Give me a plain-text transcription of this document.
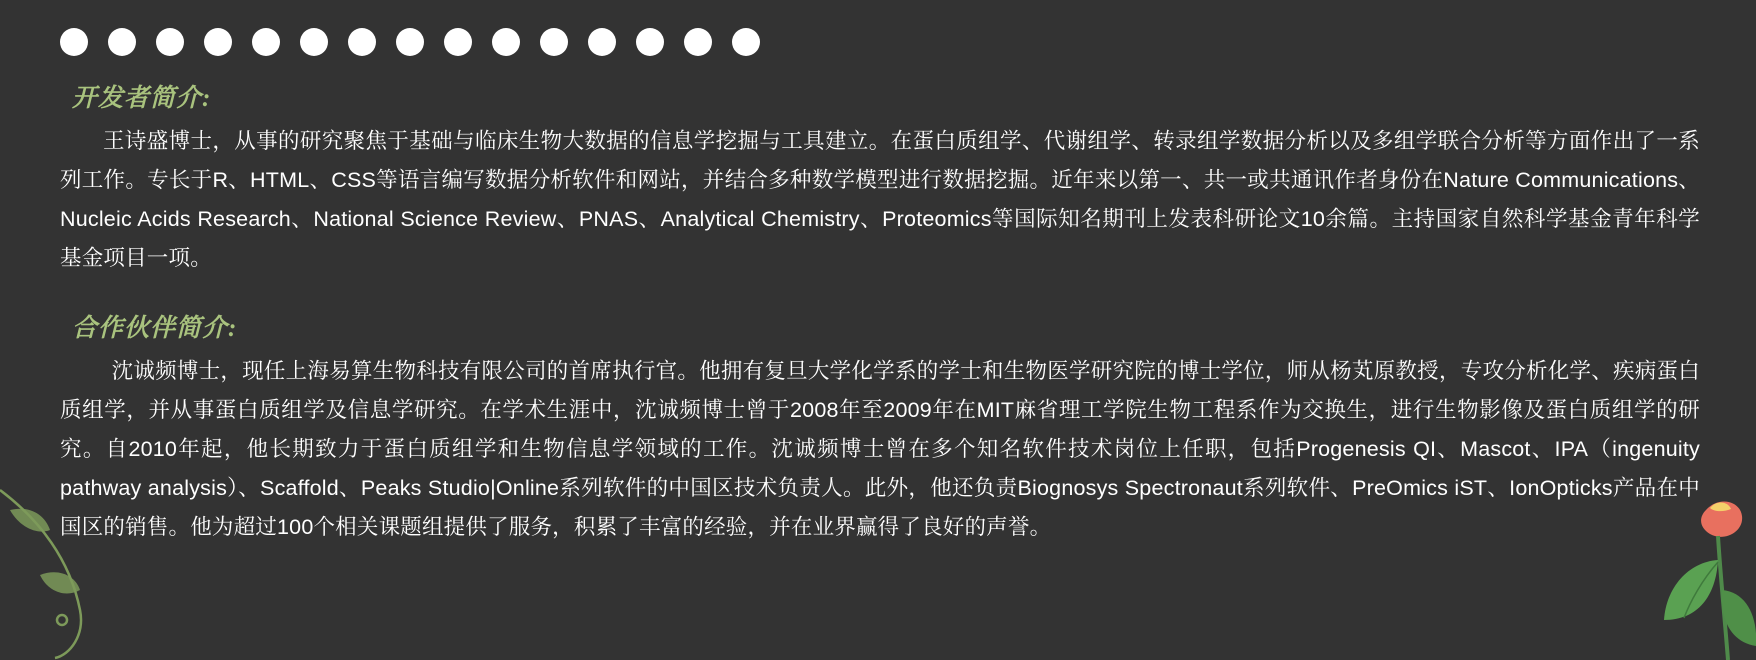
开发者简介:

王诗盛博士，从事的研究聚焦于基础与临床生物大数据的信息学挖掘与工具建立。在蛋白质组学、代谢组学、转录组学数据分析以及多组学联合分析等方面作出了一系列工作。专长于R、HTML、CSS等语言编写数据分析软件和网站，并结合多种数学模型进行数据挖掘。近年来以第一、共一或共通讯作者身份在Nature Communications、Nucleic Acids Research、National Science Review、PNAS、Analytical Chemistry、Proteomics等国际知名期刊上发表科研论文10余篇。主持国家自然科学基金青年科学基金项目一项。

合作伙伴简介:

沈诚频博士，现任上海易算生物科技有限公司的首席执行官。他拥有复旦大学化学系的学士和生物医学研究院的博士学位，师从杨芄原教授，专攻分析化学、疾病蛋白质组学，并从事蛋白质组学及信息学研究。在学术生涯中，沈诚频博士曾于2008年至2009年在MIT麻省理工学院生物工程系作为交换生，进行生物影像及蛋白质组学的研究。自2010年起，他长期致力于蛋白质组学和生物信息学领域的工作。沈诚频博士曾在多个知名软件技术岗位上任职，包括Progenesis QI、Mascot、IPA（ingenuity pathway analysis）、Scaffold、Peaks Studio|Online系列软件的中国区技术负责人。此外，他还负责Biognosys Spectronaut系列软件、PreOmics iST、IonOpticks产品在中国区的销售。他为超过100个相关课题组提供了服务，积累了丰富的经验，并在业界赢得了良好的声誉。
